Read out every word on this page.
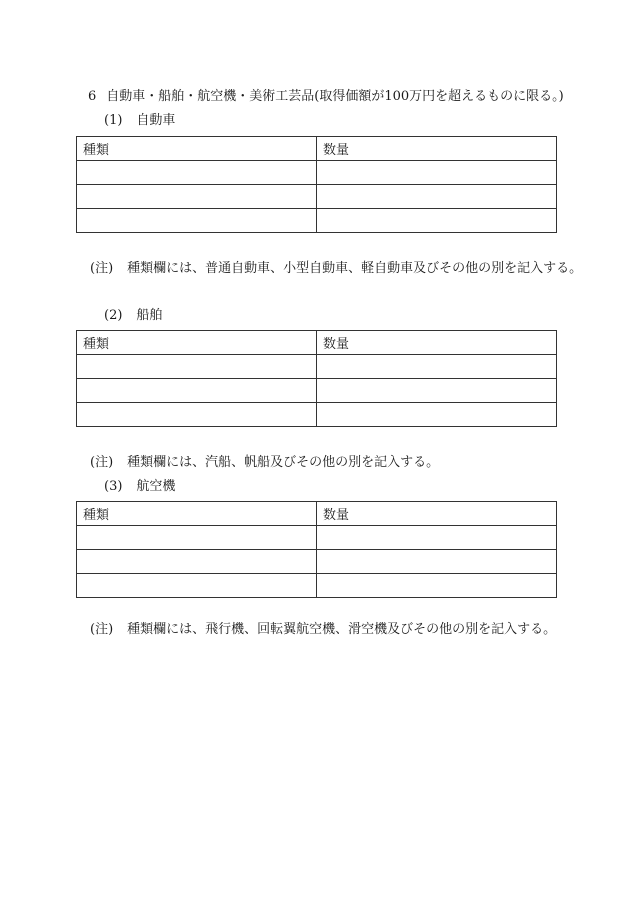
6 自動車・船舶・航空機・美術工芸品(取得価額が100万円を超えるものに限る。)
(1) 自動車
種類	数量

(注) 種類欄には、普通自動車、小型自動車、軽自動車及びその他の別を記入する。
(2) 船舶
種類	数量

(注) 種類欄には、汽船、帆船及びその他の別を記入する。
(3) 航空機
種類	数量

(注) 種類欄には、飛行機、回転翼航空機、滑空機及びその他の別を記入する。
